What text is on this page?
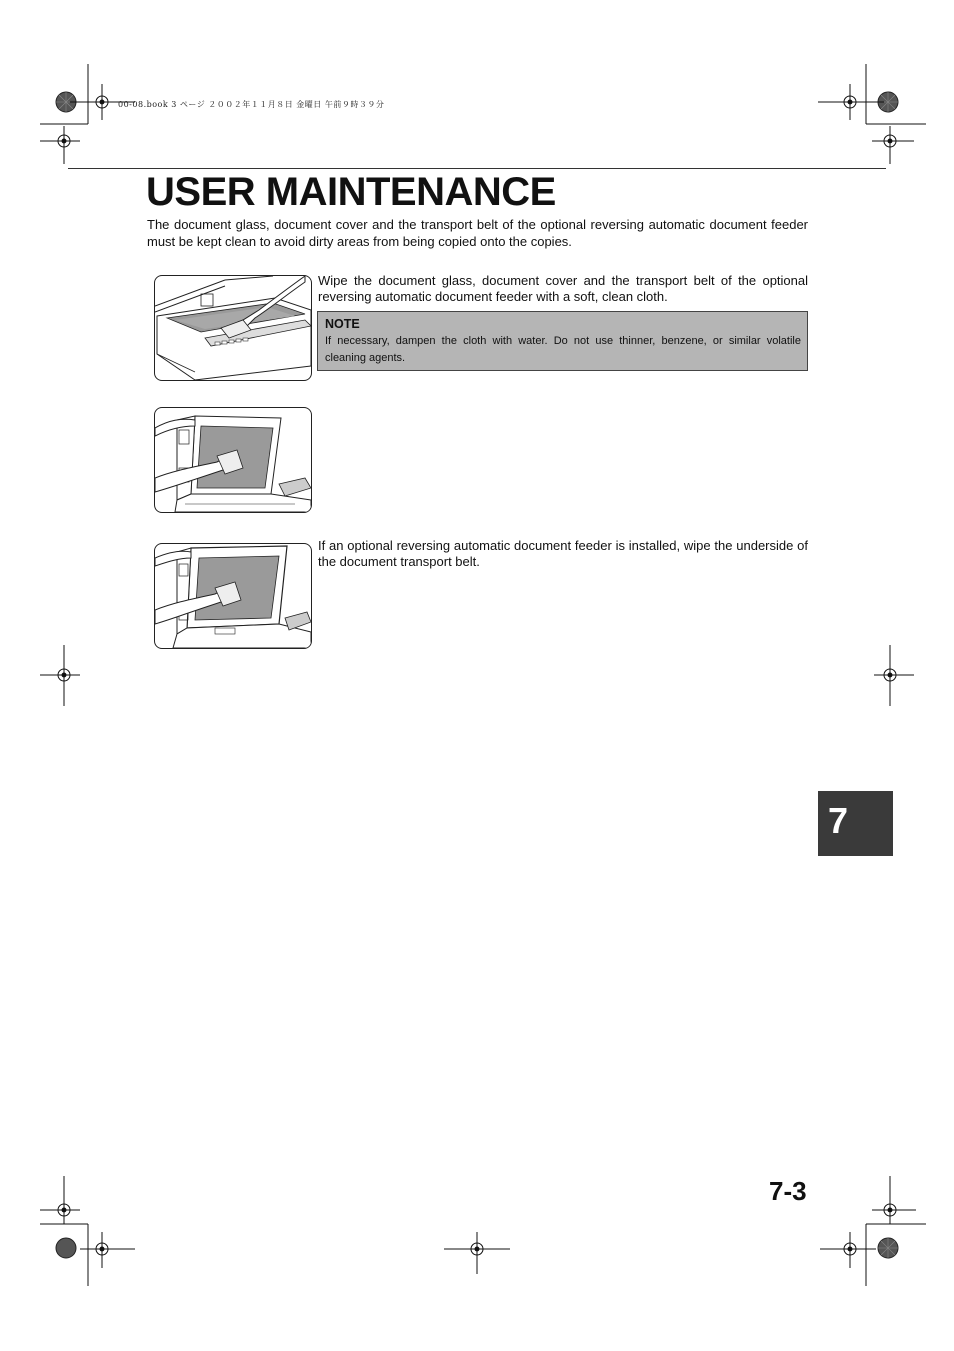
00-08.book 3 ページ ２００２年１１月８日 金曜日 午前９時３９分
USER MAINTENANCE

The document glass, document cover and the transport belt of the optional reversing automatic document feeder must be kept clean to avoid dirty areas from being copied onto the copies.

Wipe the document glass, document cover and the transport belt of the optional reversing automatic document feeder with a soft, clean cloth.

NOTE
If necessary, dampen the cloth with water. Do not use thinner, benzene, or similar volatile cleaning agents.

If an optional reversing automatic document feeder is installed, wipe the underside of the document transport belt.

7
7-3
